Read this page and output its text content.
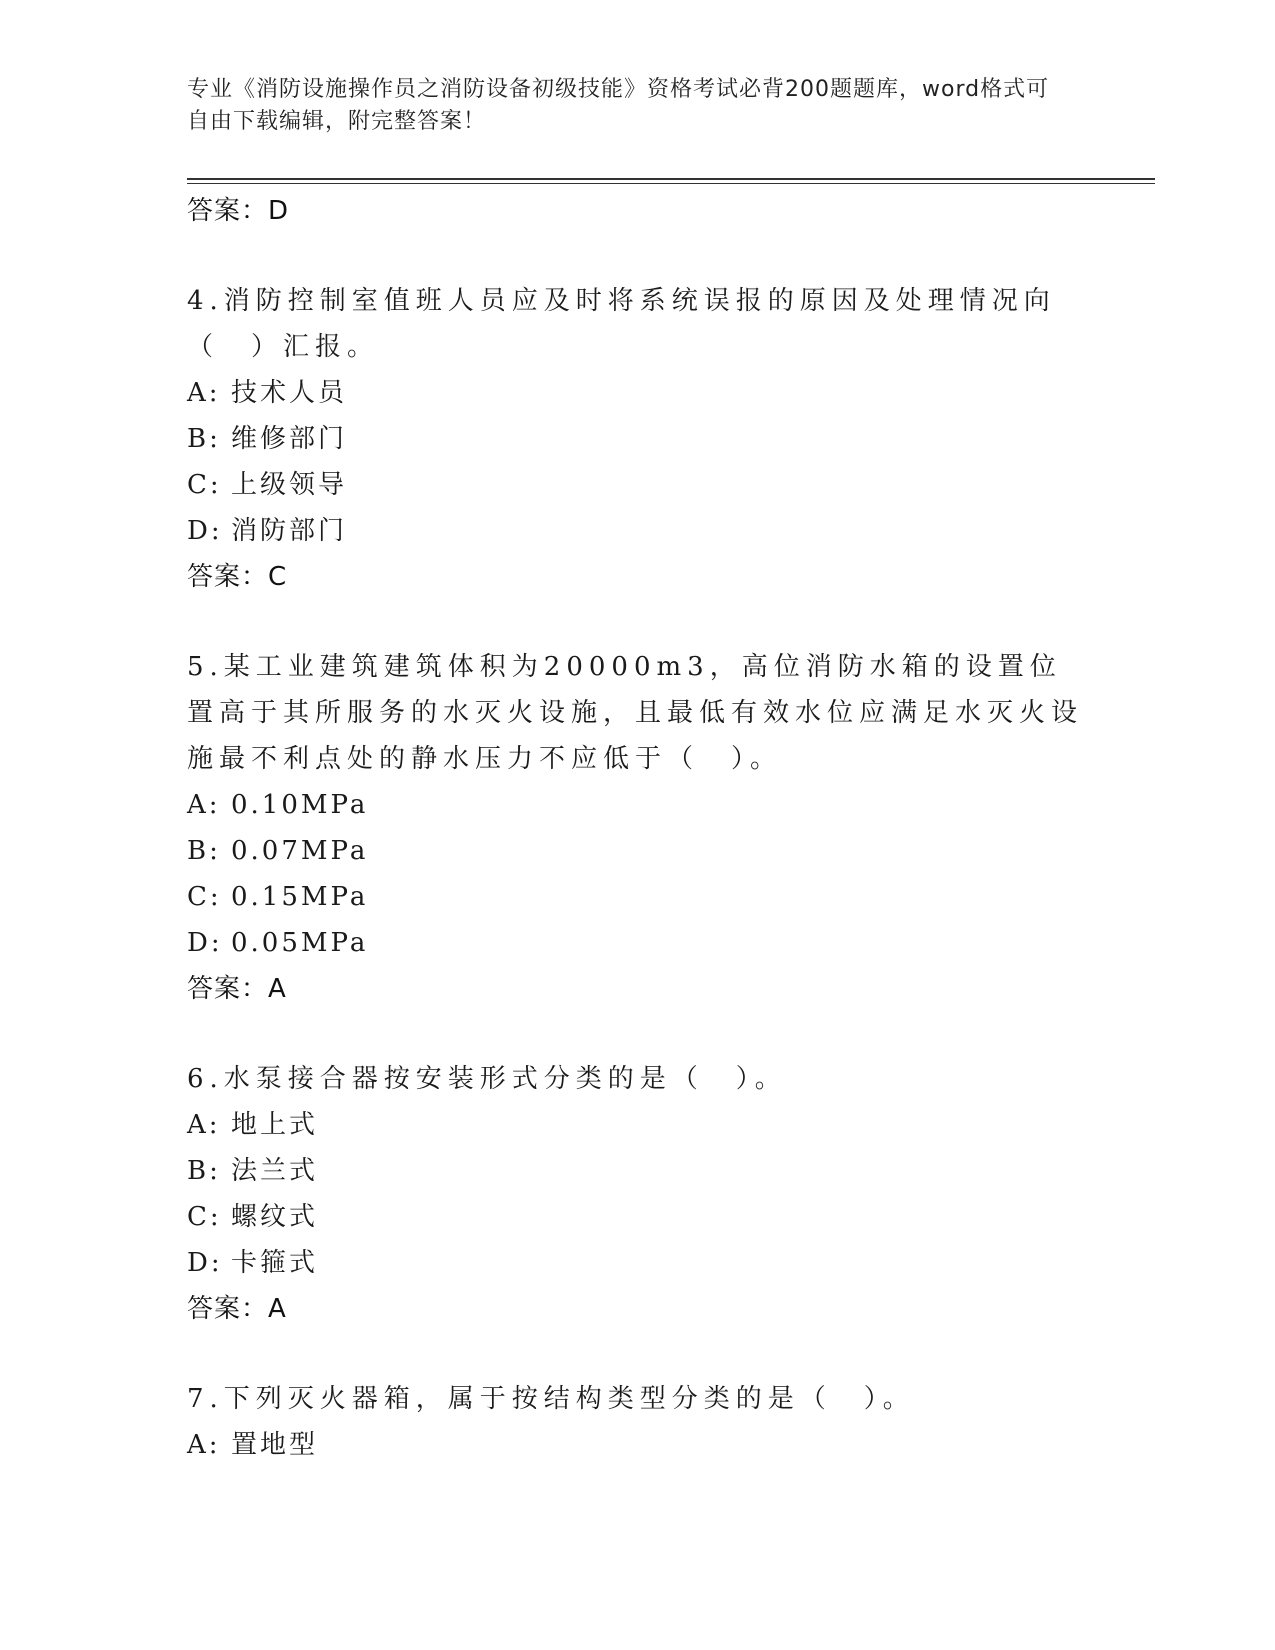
专业《消防设施操作员之消防设备初级技能》资格考试必背200题题库，word格式可自由下载编辑，附完整答案！
答案：D
4.消防控制室值班人员应及时将系统误报的原因及处理情况向（　）汇报。
A: 技术人员
B: 维修部门
C: 上级领导
D: 消防部门
答案：C
5.某工业建筑建筑体积为20000m3，高位消防水箱的设置位置高于其所服务的水灭火设施，且最低有效水位应满足水灭火设施最不利点处的静水压力不应低于（　）。
A: 0.10MPa
B: 0.07MPa
C: 0.15MPa
D: 0.05MPa
答案：A
6.水泵接合器按安装形式分类的是（　）。
A: 地上式
B: 法兰式
C: 螺纹式
D: 卡箍式
答案：A
7.下列灭火器箱，属于按结构类型分类的是（　）。
A: 置地型
